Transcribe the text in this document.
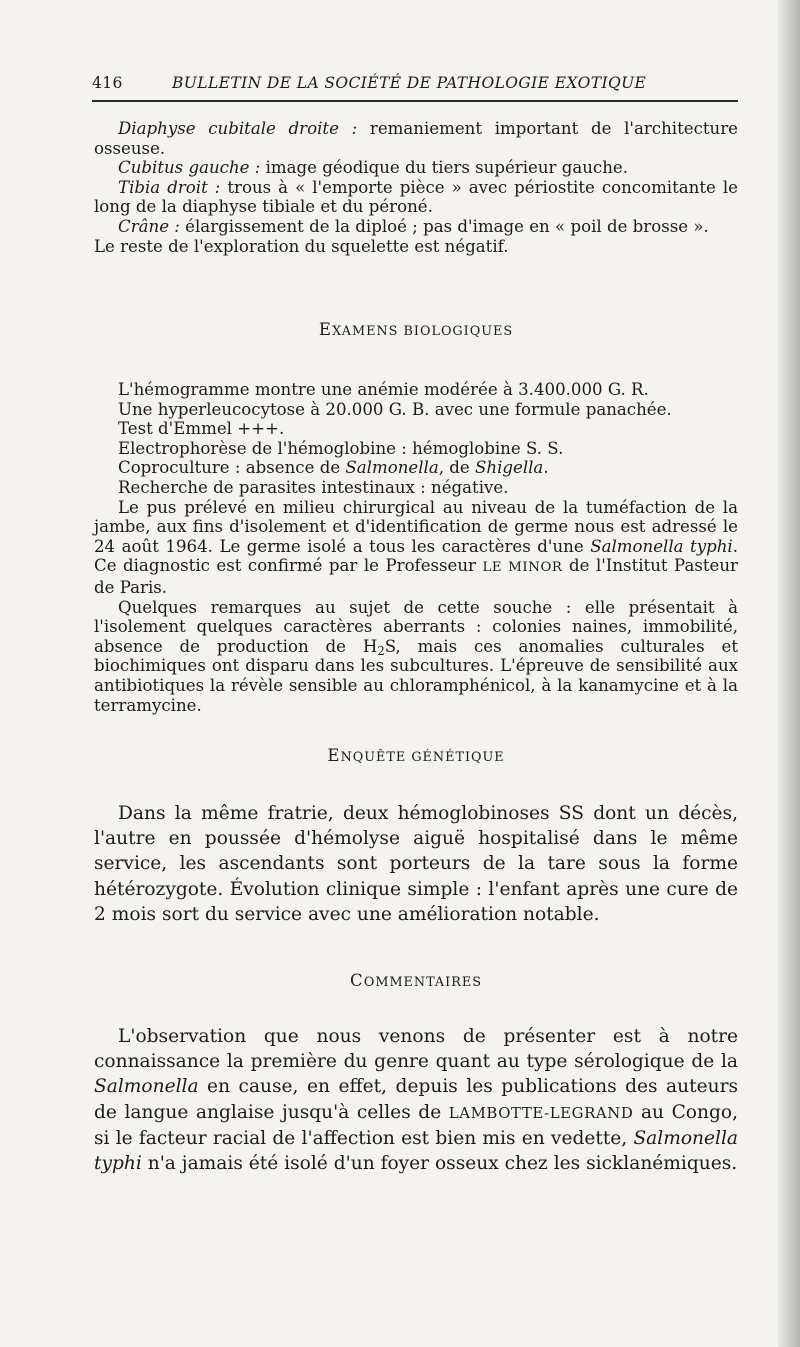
416	BULLETIN DE LA SOCIÉTÉ DE PATHOLOGIE EXOTIQUE

Diaphyse cubitale droite : remaniement important de l'architecture osseuse.

Cubitus gauche : image géodique du tiers supérieur gauche.

Tibia droit : trous à « l'emporte pièce » avec périostite concomitante le long de la diaphyse tibiale et du péroné.

Crâne : élargissement de la diploé ; pas d'image en « poil de brosse ».

Le reste de l'exploration du squelette est négatif.

EXAMENS BIOLOGIQUES

L'hémogramme montre une anémie modérée à 3.400.000 G. R.

Une hyperleucocytose à 20.000 G. B. avec une formule panachée.

Test d'Emmel +++.

Electrophorèse de l'hémoglobine : hémoglobine S. S.

Coproculture : absence de Salmonella, de Shigella.

Recherche de parasites intestinaux : négative.

Le pus prélevé en milieu chirurgical au niveau de la tuméfaction de la jambe, aux fins d'isolement et d'identification de germe nous est adressé le 24 août 1964. Le germe isolé a tous les caractères d'une Salmonella typhi. Ce diagnostic est confirmé par le Professeur LE MINOR de l'Institut Pasteur de Paris.

Quelques remarques au sujet de cette souche : elle présentait à l'isolement quelques caractères aberrants : colonies naines, immobilité, absence de production de $H_2S$, mais ces anomalies culturales et biochimiques ont disparu dans les subcultures. L'épreuve de sensibilité aux antibiotiques la révèle sensible au chloramphénicol, à la kanamycine et à la terramycine.

ENQUÊTE GÉNÉTIQUE

Dans la même fratrie, deux hémoglobinoses SS dont un décès, l'autre en poussée d'hémolyse aiguë hospitalisé dans le même service, les ascendants sont porteurs de la tare sous la forme hétérozygote. Évolution clinique simple : l'enfant après une cure de 2 mois sort du service avec une amélioration notable.

COMMENTAIRES

L'observation que nous venons de présenter est à notre connaissance la première du genre quant au type sérologique de la Salmonella en cause, en effet, depuis les publications des auteurs de langue anglaise jusqu'à celles de LAMBOTTE-LEGRAND au Congo, si le facteur racial de l'affection est bien mis en vedette, Salmonella typhi n'a jamais été isolé d'un foyer osseux chez les sicklanémiques.
